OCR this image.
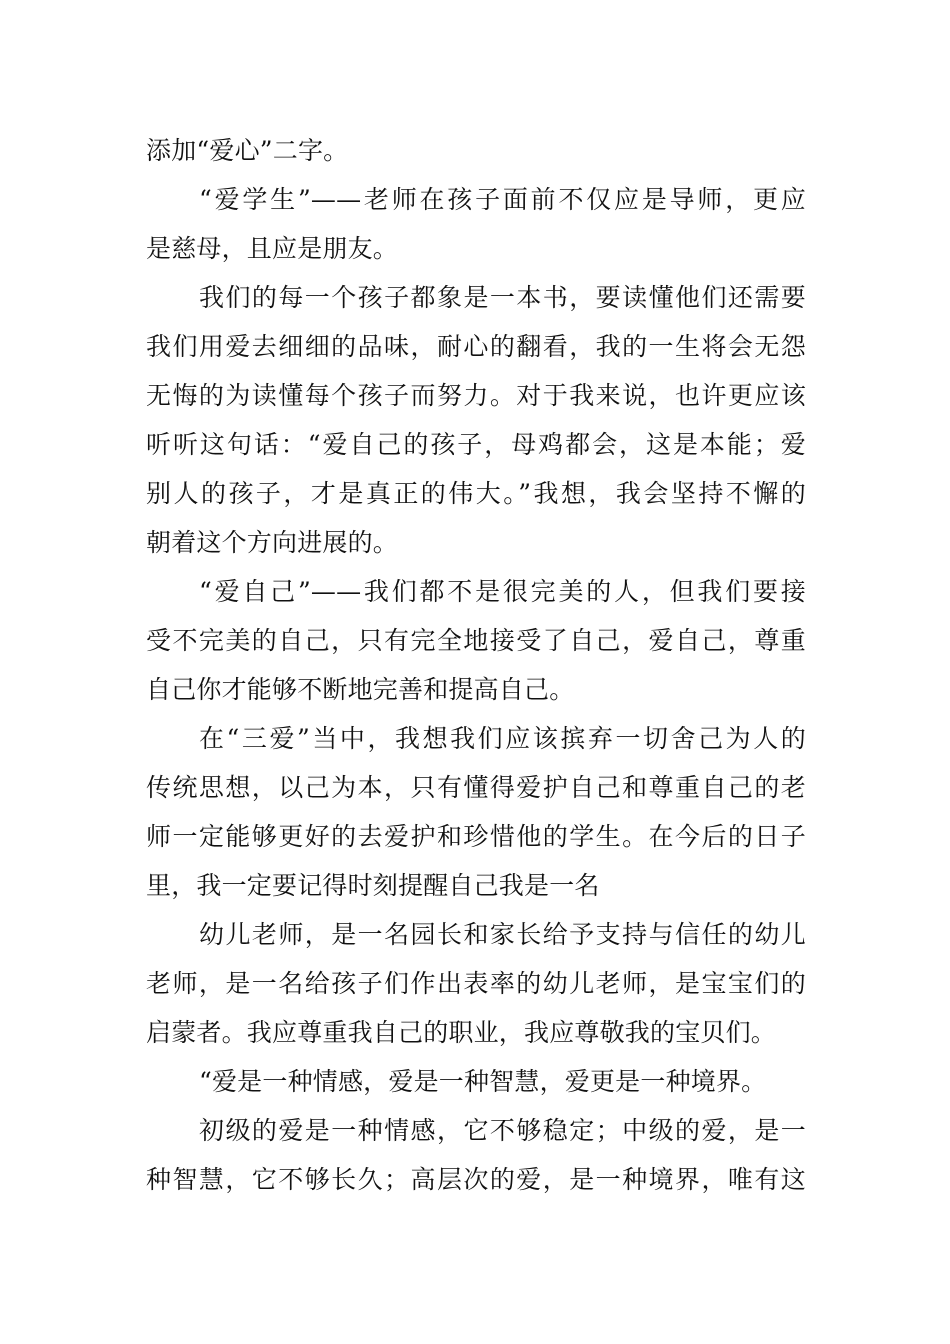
添加“爱心”二字。
“爱学生”——老师在孩子面前不仅应是导师，更应
是慈母，且应是朋友。
我们的每一个孩子都象是一本书，要读懂他们还需要
我们用爱去细细的品味，耐心的翻看，我的一生将会无怨
无悔的为读懂每个孩子而努力。对于我来说，也许更应该
听听这句话：“爱自己的孩子，母鸡都会，这是本能；爱
别人的孩子，才是真正的伟大。”我想，我会坚持不懈的
朝着这个方向进展的。
“爱自己”——我们都不是很完美的人，但我们要接
受不完美的自己，只有完全地接受了自己，爱自己，尊重
自己你才能够不断地完善和提高自己。
在“三爱”当中，我想我们应该摈弃一切舍己为人的
传统思想，以己为本，只有懂得爱护自己和尊重自己的老
师一定能够更好的去爱护和珍惜他的学生。在今后的日子
里，我一定要记得时刻提醒自己我是一名
幼儿老师，是一名园长和家长给予支持与信任的幼儿
老师，是一名给孩子们作出表率的幼儿老师，是宝宝们的
启蒙者。我应尊重我自己的职业，我应尊敬我的宝贝们。
“爱是一种情感，爱是一种智慧，爱更是一种境界。
初级的爱是一种情感，它不够稳定；中级的爱，是一
种智慧，它不够长久；高层次的爱，是一种境界，唯有这
